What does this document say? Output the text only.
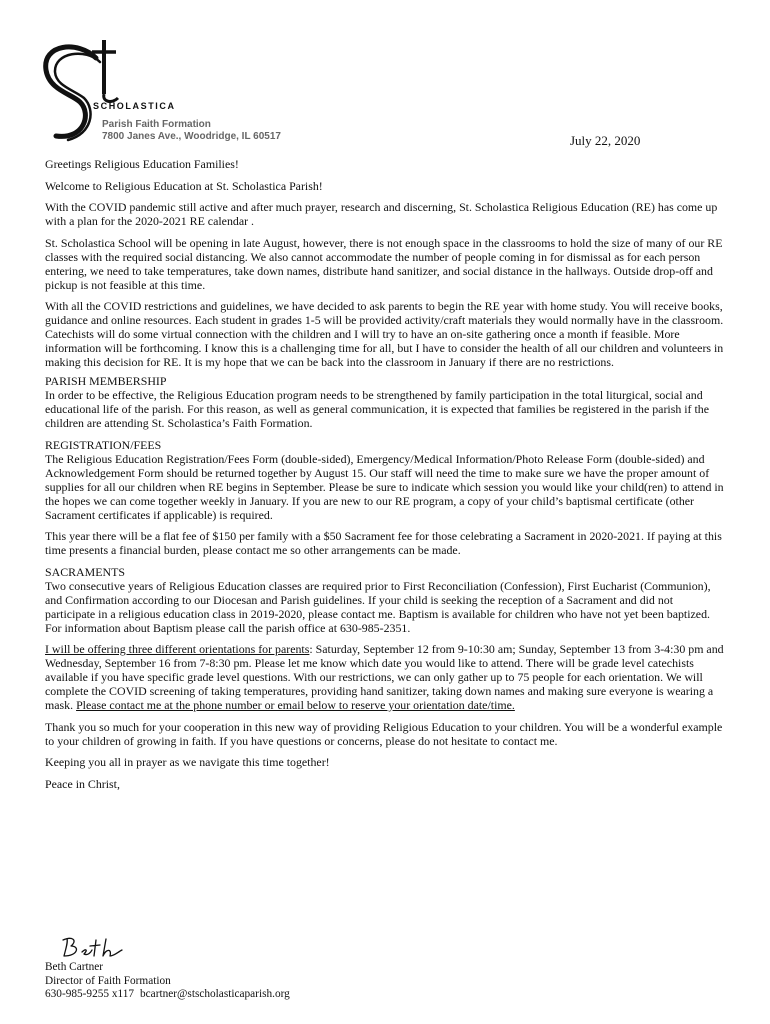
SCHOLASTICA
Parish Faith Formation
7800 Janes Ave., Woodridge, IL 60517	July 22, 2020

Greetings Religious Education Families!

Welcome to Religious Education at St. Scholastica Parish!

With the COVID pandemic still active and after much prayer, research and discerning, St. Scholastica Religious Education (RE) has come up with a plan for the 2020-2021 RE calendar .

St. Scholastica School will be opening in late August, however, there is not enough space in the classrooms to hold the size of many of our RE classes with the required social distancing. We also cannot accommodate the number of people coming in for dismissal as for each person entering, we need to take temperatures, take down names, distribute hand sanitizer, and social distance in the hallways. Outside drop-off and pickup is not feasible at this time.

With all the COVID restrictions and guidelines, we have decided to ask parents to begin the RE year with home study. You will receive books, guidance and online resources. Each student in grades 1-5 will be provided activity/craft materials they would normally have in the classroom. Catechists will do some virtual connection with the children and I will try to have an on-site gathering once a month if feasible. More information will be forthcoming. I know this is a challenging time for all, but I have to consider the health of all our children and volunteers in making this decision for RE. It is my hope that we can be back into the classroom in January if there are no restrictions.

PARISH MEMBERSHIP

In order to be effective, the Religious Education program needs to be strengthened by family participation in the total liturgical, social and educational life of the parish. For this reason, as well as general communication, it is expected that families be registered in the parish if the children are attending St. Scholastica’s Faith Formation.

REGISTRATION/FEES

The Religious Education Registration/Fees Form (double-sided), Emergency/Medical Information/Photo Release Form (double-sided) and Acknowledgement Form should be returned together by August 15. Our staff will need the time to make sure we have the proper amount of supplies for all our children when RE begins in September. Please be sure to indicate which session you would like your child(ren) to attend in the hopes we can come together weekly in January. If you are new to our RE program, a copy of your child’s baptismal certificate (other Sacrament certificates if applicable) is required.

This year there will be a flat fee of $150 per family with a $50 Sacrament fee for those celebrating a Sacrament in 2020-2021. If paying at this time presents a financial burden, please contact me so other arrangements can be made.

SACRAMENTS

Two consecutive years of Religious Education classes are required prior to First Reconciliation (Confession), First Eucharist (Communion), and Confirmation according to our Diocesan and Parish guidelines. If your child is seeking the reception of a Sacrament and did not participate in a religious education class in 2019-2020, please contact me. Baptism is available for children who have not yet been baptized. For information about Baptism please call the parish office at 630-985-2351.

I will be offering three different orientations for parents: Saturday, September 12 from 9-10:30 am; Sunday, September 13 from 3-4:30 pm and Wednesday, September 16 from 7-8:30 pm. Please let me know which date you would like to attend. There will be grade level catechists available if you have specific grade level questions. With our restrictions, we can only gather up to 75 people for each orientation. We will complete the COVID screening of taking temperatures, providing hand sanitizer, taking down names and making sure everyone is wearing a mask. Please contact me at the phone number or email below to reserve your orientation date/time.

Thank you so much for your cooperation in this new way of providing Religious Education to your children. You will be a wonderful example to your children of growing in faith. If you have questions or concerns, please do not hesitate to contact me.

Keeping you all in prayer as we navigate this time together!

Peace in Christ,

Beth Cartner
Director of Faith Formation
630-985-9255 x117 bcartner@stscholasticaparish.org
